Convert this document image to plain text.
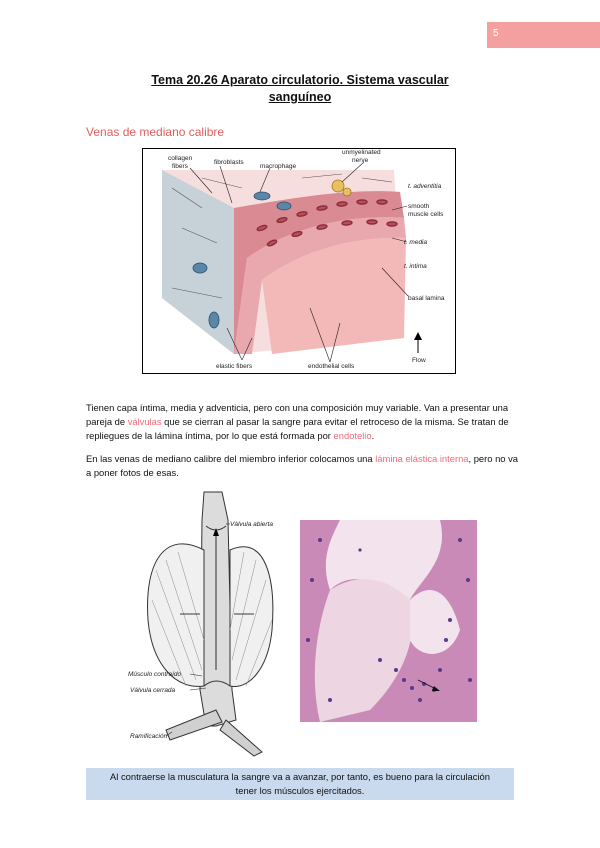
5
Tema 20.26 Aparato circulatorio. Sistema vascular
sanguíneo
Venas de mediano calibre
collagen
fibers
fibroblasts
macrophage
unmyelinated
nerve
t. adventitia
smooth
muscle cells
t. media
t. intima
basal lamina
Flow
elastic fibers	endothelial cells
Tienen capa íntima, media y adventicia, pero con una composición muy variable. Van a presentar una pareja de válvulas que se cierran al pasar la sangre para evitar el retroceso de la misma. Se tratan de repliegues de la lámina íntima, por lo que está formada por endotelio.
En las venas de mediano calibre del miembro inferior colocamos una lámina elástica interna, pero no va a poner fotos de esas.
Válvula abierta
Músculo contraído
Válvula cerrada
Ramificación
Al contraerse la musculatura la sangre va a avanzar, por tanto, es bueno para la circulación
tener los músculos ejercitados.
